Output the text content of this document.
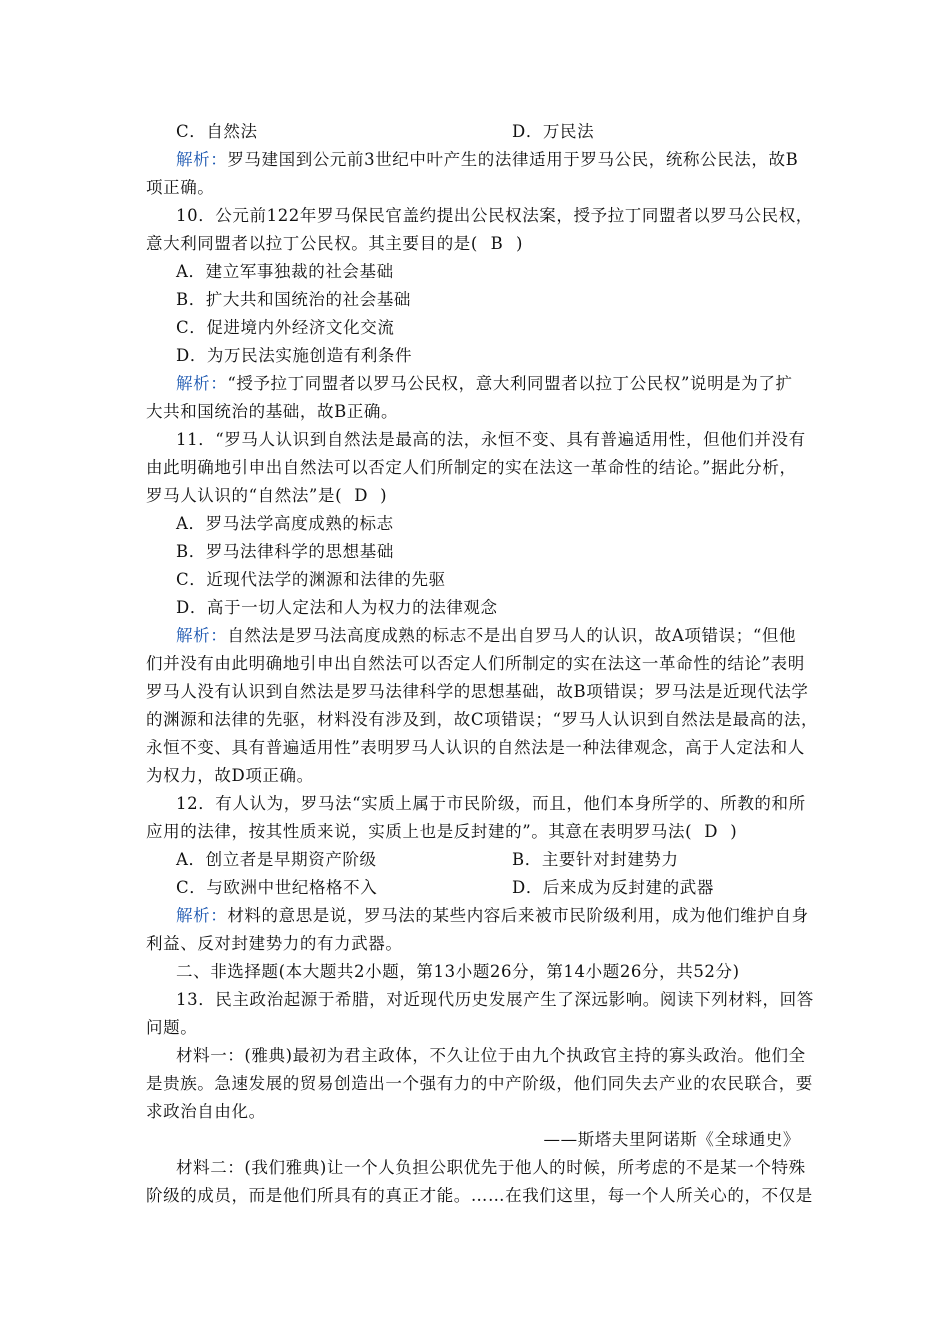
C．自然法	D．万民法
解析：罗马建国到公元前3世纪中叶产生的法律适用于罗马公民，统称公民法，故B
项正确。
10．公元前122年罗马保民官盖约提出公民权法案，授予拉丁同盟者以罗马公民权，
意大利同盟者以拉丁公民权。其主要目的是( B )
A．建立军事独裁的社会基础
B．扩大共和国统治的社会基础
C．促进境内外经济文化交流
D．为万民法实施创造有利条件
解析：“授予拉丁同盟者以罗马公民权，意大利同盟者以拉丁公民权”说明是为了扩
大共和国统治的基础，故B正确。
11．“罗马人认识到自然法是最高的法，永恒不变、具有普遍适用性，但他们并没有
由此明确地引申出自然法可以否定人们所制定的实在法这一革命性的结论。”据此分析，
罗马人认识的“自然法”是( D )
A．罗马法学高度成熟的标志
B．罗马法律科学的思想基础
C．近现代法学的渊源和法律的先驱
D．高于一切人定法和人为权力的法律观念
解析：自然法是罗马法高度成熟的标志不是出自罗马人的认识，故A项错误；“但他
们并没有由此明确地引申出自然法可以否定人们所制定的实在法这一革命性的结论”表明
罗马人没有认识到自然法是罗马法律科学的思想基础，故B项错误；罗马法是近现代法学
的渊源和法律的先驱，材料没有涉及到，故C项错误；“罗马人认识到自然法是最高的法，
永恒不变、具有普遍适用性”表明罗马人认识的自然法是一种法律观念，高于人定法和人
为权力，故D项正确。
12．有人认为，罗马法“实质上属于市民阶级，而且，他们本身所学的、所教的和所
应用的法律，按其性质来说，实质上也是反封建的”。其意在表明罗马法( D )
A．创立者是早期资产阶级	B．主要针对封建势力
C．与欧洲中世纪格格不入	D．后来成为反封建的武器
解析：材料的意思是说，罗马法的某些内容后来被市民阶级利用，成为他们维护自身
利益、反对封建势力的有力武器。
二、非选择题(本大题共2小题，第13小题26分，第14小题26分，共52分)
13．民主政治起源于希腊，对近现代历史发展产生了深远影响。阅读下列材料，回答
问题。
材料一：(雅典)最初为君主政体，不久让位于由九个执政官主持的寡头政治。他们全
是贵族。急速发展的贸易创造出一个强有力的中产阶级，他们同失去产业的农民联合，要
求政治自由化。
——斯塔夫里阿诺斯《全球通史》
材料二：(我们雅典)让一个人负担公职优先于他人的时候，所考虑的不是某一个特殊
阶级的成员，而是他们所具有的真正才能。……在我们这里，每一个人所关心的，不仅是
